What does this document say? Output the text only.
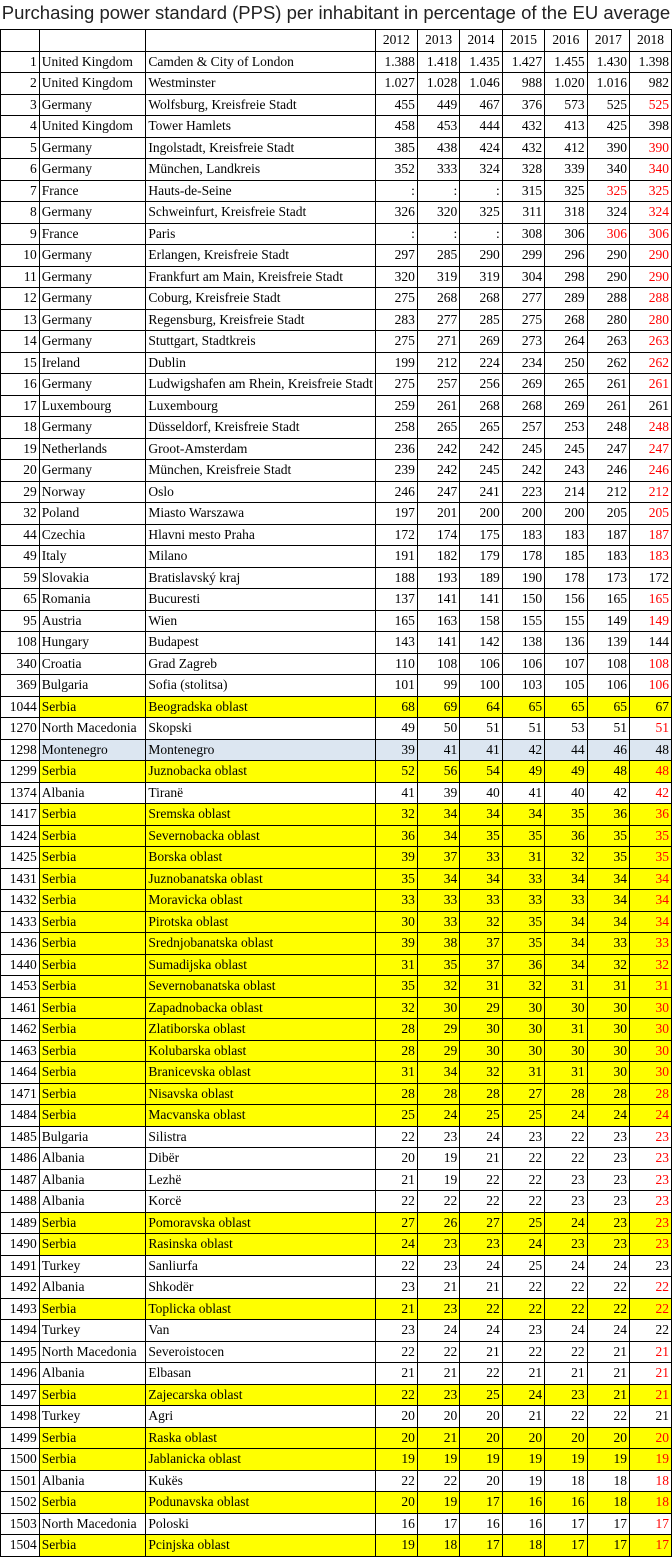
Purchasing power standard (PPS) per inhabitant in percentage of the EU average
			2012	2013	2014	2015	2016	2017	2018
1	United Kingdom	Camden & City of London	1.388	1.418	1.435	1.427	1.455	1.430	1.398
2	United Kingdom	Westminster	1.027	1.028	1.046	988	1.020	1.016	982
3	Germany	Wolfsburg, Kreisfreie Stadt	455	449	467	376	573	525	525
4	United Kingdom	Tower Hamlets	458	453	444	432	413	425	398
5	Germany	Ingolstadt, Kreisfreie Stadt	385	438	424	432	412	390	390
6	Germany	München, Landkreis	352	333	324	328	339	340	340
7	France	Hauts-de-Seine	:	:	:	315	325	325	325
8	Germany	Schweinfurt, Kreisfreie Stadt	326	320	325	311	318	324	324
9	France	Paris	:	:	:	308	306	306	306
10	Germany	Erlangen, Kreisfreie Stadt	297	285	290	299	296	290	290
11	Germany	Frankfurt am Main, Kreisfreie Stadt	320	319	319	304	298	290	290
12	Germany	Coburg, Kreisfreie Stadt	275	268	268	277	289	288	288
13	Germany	Regensburg, Kreisfreie Stadt	283	277	285	275	268	280	280
14	Germany	Stuttgart, Stadtkreis	275	271	269	273	264	263	263
15	Ireland	Dublin	199	212	224	234	250	262	262
16	Germany	Ludwigshafen am Rhein, Kreisfreie Stadt	275	257	256	269	265	261	261
17	Luxembourg	Luxembourg	259	261	268	268	269	261	261
18	Germany	Düsseldorf, Kreisfreie Stadt	258	265	265	257	253	248	248
19	Netherlands	Groot-Amsterdam	236	242	242	245	245	247	247
20	Germany	München, Kreisfreie Stadt	239	242	245	242	243	246	246
29	Norway	Oslo	246	247	241	223	214	212	212
32	Poland	Miasto Warszawa	197	201	200	200	200	205	205
44	Czechia	Hlavni mesto Praha	172	174	175	183	183	187	187
49	Italy	Milano	191	182	179	178	185	183	183
59	Slovakia	Bratislavský kraj	188	193	189	190	178	173	172
65	Romania	Bucuresti	137	141	141	150	156	165	165
95	Austria	Wien	165	163	158	155	155	149	149
108	Hungary	Budapest	143	141	142	138	136	139	144
340	Croatia	Grad Zagreb	110	108	106	106	107	108	108
369	Bulgaria	Sofia (stolitsa)	101	99	100	103	105	106	106
1044	Serbia	Beogradska oblast	68	69	64	65	65	65	67
1270	North Macedonia	Skopski	49	50	51	51	53	51	51
1298	Montenegro	Montenegro	39	41	41	42	44	46	48
1299	Serbia	Juznobacka oblast	52	56	54	49	49	48	48
1374	Albania	Tiranë	41	39	40	41	40	42	42
1417	Serbia	Sremska oblast	32	34	34	34	35	36	36
1424	Serbia	Severnobacka oblast	36	34	35	35	36	35	35
1425	Serbia	Borska oblast	39	37	33	31	32	35	35
1431	Serbia	Juznobanatska oblast	35	34	34	33	34	34	34
1432	Serbia	Moravicka oblast	33	33	33	33	33	34	34
1433	Serbia	Pirotska oblast	30	33	32	35	34	34	34
1436	Serbia	Srednjobanatska oblast	39	38	37	35	34	33	33
1440	Serbia	Sumadijska oblast	31	35	37	36	34	32	32
1453	Serbia	Severnobanatska oblast	35	32	31	32	31	31	31
1461	Serbia	Zapadnobacka oblast	32	30	29	30	30	30	30
1462	Serbia	Zlatiborska oblast	28	29	30	30	31	30	30
1463	Serbia	Kolubarska oblast	28	29	30	30	30	30	30
1464	Serbia	Branicevska oblast	31	34	32	31	31	30	30
1471	Serbia	Nisavska oblast	28	28	28	27	28	28	28
1484	Serbia	Macvanska oblast	25	24	25	25	24	24	24
1485	Bulgaria	Silistra	22	23	24	23	22	23	23
1486	Albania	Dibër	20	19	21	22	22	23	23
1487	Albania	Lezhë	21	19	22	22	23	23	23
1488	Albania	Korcë	22	22	22	22	23	23	23
1489	Serbia	Pomoravska oblast	27	26	27	25	24	23	23
1490	Serbia	Rasinska oblast	24	23	23	24	23	23	23
1491	Turkey	Sanliurfa	22	23	24	25	24	24	23
1492	Albania	Shkodër	23	21	21	22	22	22	22
1493	Serbia	Toplicka oblast	21	23	22	22	22	22	22
1494	Turkey	Van	23	24	24	23	24	24	22
1495	North Macedonia	Severoistocen	22	22	21	22	22	21	21
1496	Albania	Elbasan	21	21	22	21	21	21	21
1497	Serbia	Zajecarska oblast	22	23	25	24	23	21	21
1498	Turkey	Agri	20	20	20	21	22	22	21
1499	Serbia	Raska oblast	20	21	20	20	20	20	20
1500	Serbia	Jablanicka oblast	19	19	19	19	19	19	19
1501	Albania	Kukës	22	22	20	19	18	18	18
1502	Serbia	Podunavska oblast	20	19	17	16	16	18	18
1503	North Macedonia	Poloski	16	17	16	16	17	17	17
1504	Serbia	Pcinjska oblast	19	18	17	18	17	17	17
